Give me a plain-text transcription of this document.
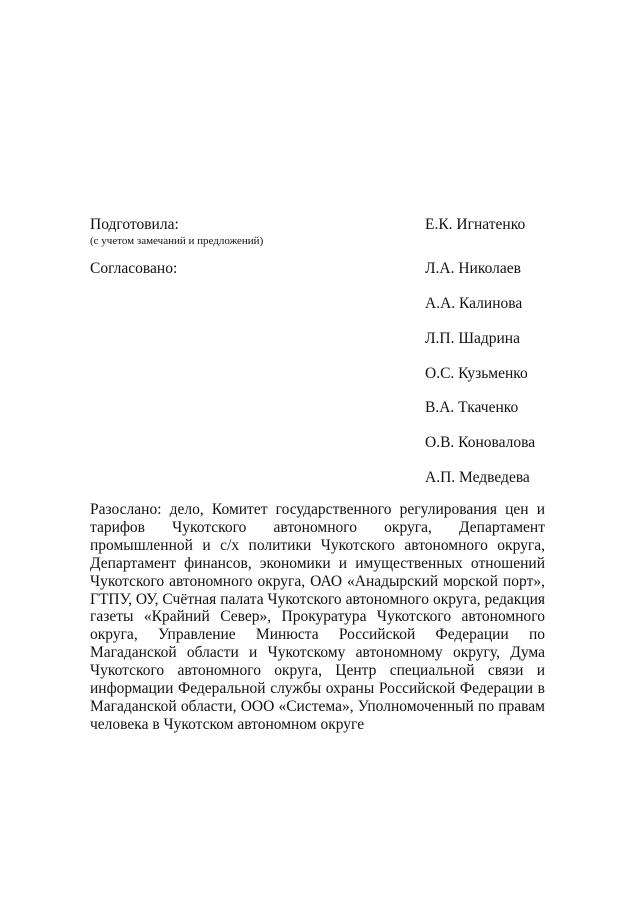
Подготовила:
(с учетом замечаний и предложений)
Е.К. Игнатенко
Согласовано:	Л.А. Николаев
А.А. Калинова
Л.П. Шадрина
О.С. Кузьменко
В.А. Ткаченко
О.В. Коновалова
А.П. Медведева
Разослано: дело, Комитет государственного регулирования цен и тарифов Чукотского автономного округа, Департамент промышленной и с/х политики Чукотского автономного округа, Департамент финансов, экономики и имущественных отношений Чукотского автономного округа, ОАО «Анадырский морской порт», ГТПУ, ОУ, Счётная палата Чукотского автономного округа, редакция газеты «Крайний Север», Прокуратура Чукотского автономного округа, Управление Минюста Российской Федерации по Магаданской области и Чукотскому автономному округу, Дума Чукотского автономного округа, Центр специальной связи и информации Федеральной службы охраны Российской Федерации в Магаданской области, ООО «Система», Уполномоченный по правам человека в Чукотском автономном округе
